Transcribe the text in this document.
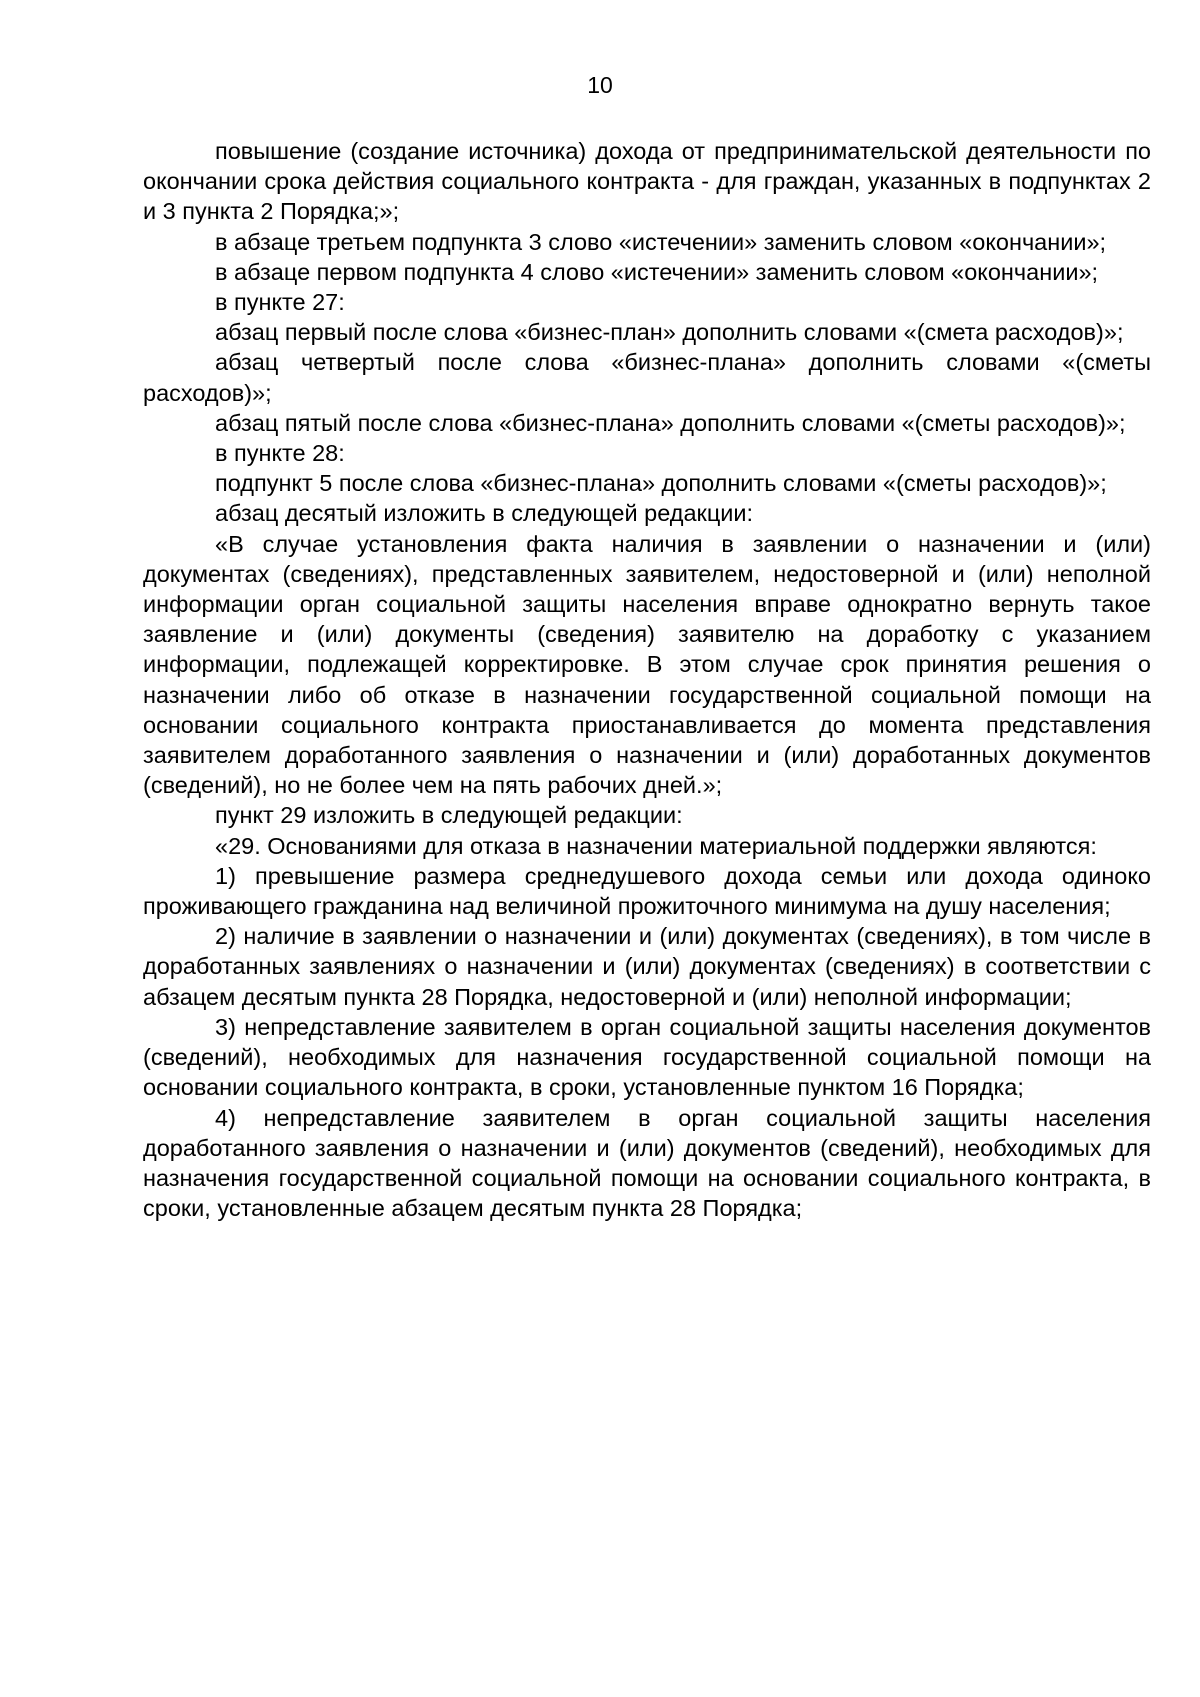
10

повышение (создание источника) дохода от предпринимательской деятельности по окончании срока действия социального контракта - для граждан, указанных в подпунктах 2 и 3 пункта 2 Порядка;»;

в абзаце третьем подпункта 3 слово «истечении» заменить словом «окончании»;

в абзаце первом подпункта 4 слово «истечении» заменить словом «окончании»;

в пункте 27:

абзац первый после слова «бизнес-план» дополнить словами «(смета расходов)»;

абзац четвертый после слова «бизнес-плана» дополнить словами «(сметы расходов)»;

абзац пятый после слова «бизнес-плана» дополнить словами «(сметы расходов)»;

в пункте 28:

подпункт 5 после слова «бизнес-плана» дополнить словами «(сметы расходов)»;

абзац десятый изложить в следующей редакции:

«В случае установления факта наличия в заявлении о назначении и (или) документах (сведениях), представленных заявителем, недостоверной и (или) неполной информации орган социальной защиты населения вправе однократно вернуть такое заявление и (или) документы (сведения) заявителю на доработку с указанием информации, подлежащей корректировке. В этом случае срок принятия решения о назначении либо об отказе в назначении государственной социальной помощи на основании социального контракта приостанавливается до момента представления заявителем доработанного заявления о назначении и (или) доработанных документов (сведений), но не более чем на пять рабочих дней.»;

пункт 29 изложить в следующей редакции:

«29. Основаниями для отказа в назначении материальной поддержки являются:

1) превышение размера среднедушевого дохода семьи или дохода одиноко проживающего гражданина над величиной прожиточного минимума на душу населения;

2) наличие в заявлении о назначении и (или) документах (сведениях), в том числе в доработанных заявлениях о назначении и (или) документах (сведениях) в соответствии с абзацем десятым пункта 28 Порядка, недостоверной и (или) неполной информации;

3) непредставление заявителем в орган социальной защиты населения документов (сведений), необходимых для назначения государственной социальной помощи на основании социального контракта, в сроки, установленные пунктом 16 Порядка;

4) непредставление заявителем в орган социальной защиты населения доработанного заявления о назначении и (или) документов (сведений), необходимых для назначения государственной социальной помощи на основании социального контракта, в сроки, установленные абзацем десятым пункта 28 Порядка;
